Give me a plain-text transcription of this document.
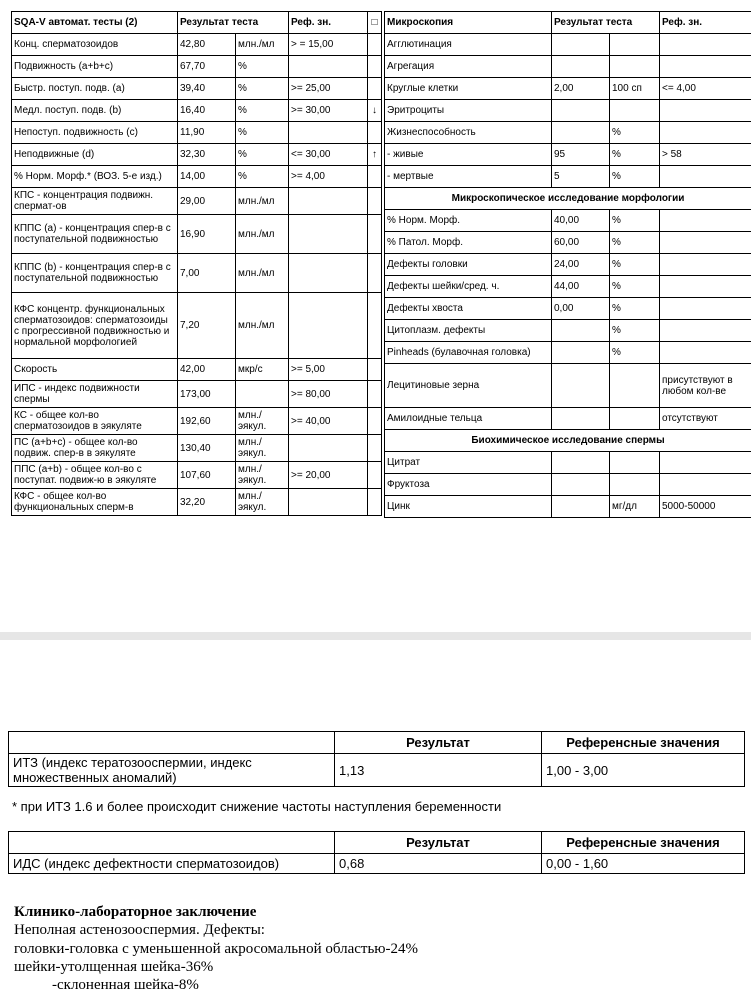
SQA-V автомат. тесты (2)	Результат теста		Реф. зн.	□
Конц. сперматозоидов	42,80	млн./мл	> = 15,00	
Подвижность (a+b+c)	67,70	%		
Быстр. поступ. подв. (a)	39,40	%	>= 25,00	
Медл. поступ. подв. (b)	16,40	%	>= 30,00	↓
Непоступ. подвижность (c)	11,90	%		
Неподвижные (d)	32,30	%	<= 30,00	↑
% Норм. Морф.* (ВОЗ. 5-е изд.)	14,00	%	>= 4,00	
КПС - концентрация подвижн. спермат-ов	29,00	млн./мл		
КППС (а) - концентрация спер-в с поступательной подвижностью	16,90	млн./мл		
КППС (b) - концентрация спер-в с поступательной подвижностью	7,00	млн./мл		
КФС концентр. функциональных сперматозоидов: сперматозоиды с прогрессивной подвижностью и нормальной морфологией	7,20	млн./мл		
Скорость	42,00	мкр/с	>= 5,00	
ИПС - индекс подвижности спермы	173,00		>= 80,00	
КС - общее кол-во сперматозоидов в эякуляте	192,60	млн./эякул.	>= 40,00	
ПС (a+b+c) - общее кол-во подвиж. спер-в в эякуляте	130,40	млн./эякул.		
ППС (a+b) - общее кол-во с поступат. подвиж-ю в эякуляте	107,60	млн./эякул.	>= 20,00	
КФС - общее кол-во функциональных сперм-в	32,20	млн./эякул.		
Микроскопия	Результат теста		Реф. зн.
Агглютинация			
Агрегация			
Круглые клетки	2,00	100 сп	<= 4,00
Эритроциты			
Жизнеспособность		%	
- живые	95	%	> 58
- мертвые	5	%	
Микроскопическое исследование морфологии			
% Норм. Морф.	40,00	%	
% Патол. Морф.	60,00	%	
Дефекты головки	24,00	%	
Дефекты шейки/сред. ч.	44,00	%	
Дефекты хвоста	0,00	%	
Цитоплазм. дефекты		%	
Pinheads (булавочная головка)		%	
Лецитиновые зерна			присутствуют в любом кол-ве
Амилоидные тельца			отсутствуют
Биохимическое исследование спермы			
Цитрат			
Фруктоза			
Цинк		мг/дл	5000-50000
	Результат	Референсные значения
ИТЗ (индекс тератозооспермии, индекс множественных аномалий)	1,13	1,00 - 3,00
* при ИТЗ 1.6 и более происходит снижение частоты наступления беременности
	Результат	Референсные значения
ИДС (индекс дефектности сперматозоидов)	0,68	0,00 - 1,60
Клинико-лабораторное заключение
Неполная астенозооспермия. Дефекты:
головки-головка с уменьшенной акросомальной областью-24%
шейки-утолщенная шейка-36%
-склоненная шейка-8%
